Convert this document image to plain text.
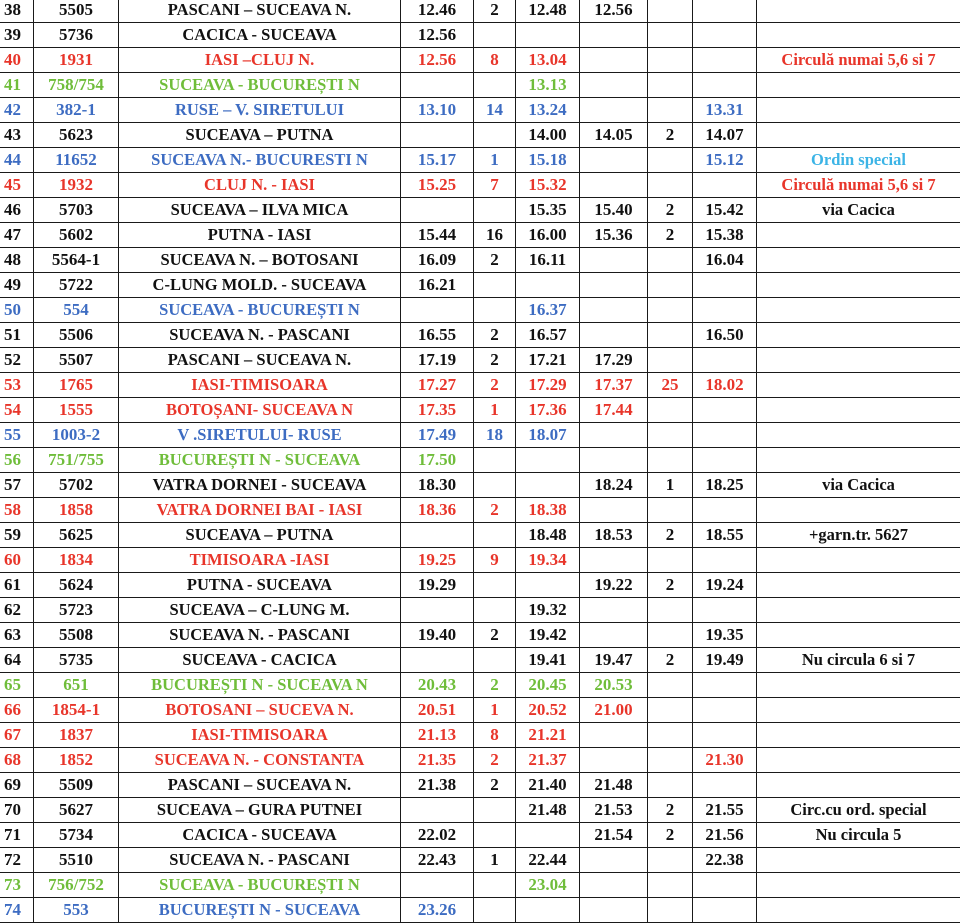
38	5505	PASCANI – SUCEAVA N.	12.46	2	12.48	12.56			
39	5736	CACICA - SUCEAVA	12.56						
40	1931	IASI –CLUJ N.	12.56	8	13.04				Circulă numai 5,6 si 7
41	758/754	SUCEAVA - BUCUREȘTI N			13.13				
42	382-1	RUSE – V. SIRETULUI	13.10	14	13.24			13.31	
43	5623	SUCEAVA – PUTNA			14.00	14.05	2	14.07	
44	11652	SUCEAVA N.- BUCURESTI N	15.17	1	15.18			15.12	Ordin special
45	1932	CLUJ N. - IASI	15.25	7	15.32				Circulă numai 5,6 si 7
46	5703	SUCEAVA – ILVA MICA			15.35	15.40	2	15.42	via Cacica
47	5602	PUTNA - IASI	15.44	16	16.00	15.36	2	15.38	
48	5564-1	SUCEAVA N. – BOTOSANI	16.09	2	16.11			16.04	
49	5722	C-LUNG MOLD. - SUCEAVA	16.21						
50	554	SUCEAVA - BUCUREȘTI N			16.37				
51	5506	SUCEAVA N. - PASCANI	16.55	2	16.57			16.50	
52	5507	PASCANI – SUCEAVA N.	17.19	2	17.21	17.29			
53	1765	IASI-TIMISOARA	17.27	2	17.29	17.37	25	18.02	
54	1555	BOTOȘANI- SUCEAVA N	17.35	1	17.36	17.44			
55	1003-2	V .SIRETULUI- RUSE	17.49	18	18.07				
56	751/755	BUCUREȘTI N - SUCEAVA	17.50						
57	5702	VATRA DORNEI - SUCEAVA	18.30			18.24	1	18.25	via Cacica
58	1858	VATRA DORNEI BAI - IASI	18.36	2	18.38				
59	5625	SUCEAVA – PUTNA			18.48	18.53	2	18.55	+garn.tr. 5627
60	1834	TIMISOARA -IASI	19.25	9	19.34				
61	5624	PUTNA - SUCEAVA	19.29			19.22	2	19.24	
62	5723	SUCEAVA – C-LUNG M.			19.32				
63	5508	SUCEAVA N. - PASCANI	19.40	2	19.42			19.35	
64	5735	SUCEAVA - CACICA			19.41	19.47	2	19.49	Nu circula 6 si 7
65	651	BUCUREȘTI N - SUCEAVA N	20.43	2	20.45	20.53			
66	1854-1	BOTOSANI – SUCEVA N.	20.51	1	20.52	21.00			
67	1837	IASI-TIMISOARA	21.13	8	21.21				
68	1852	SUCEAVA N. - CONSTANTA	21.35	2	21.37			21.30	
69	5509	PASCANI – SUCEAVA N.	21.38	2	21.40	21.48			
70	5627	SUCEAVA – GURA PUTNEI			21.48	21.53	2	21.55	Circ.cu ord. special
71	5734	CACICA - SUCEAVA	22.02			21.54	2	21.56	Nu circula 5
72	5510	SUCEAVA N. - PASCANI	22.43	1	22.44			22.38	
73	756/752	SUCEAVA - BUCUREȘTI N			23.04				
74	553	BUCUREȘTI N - SUCEAVA	23.26						
